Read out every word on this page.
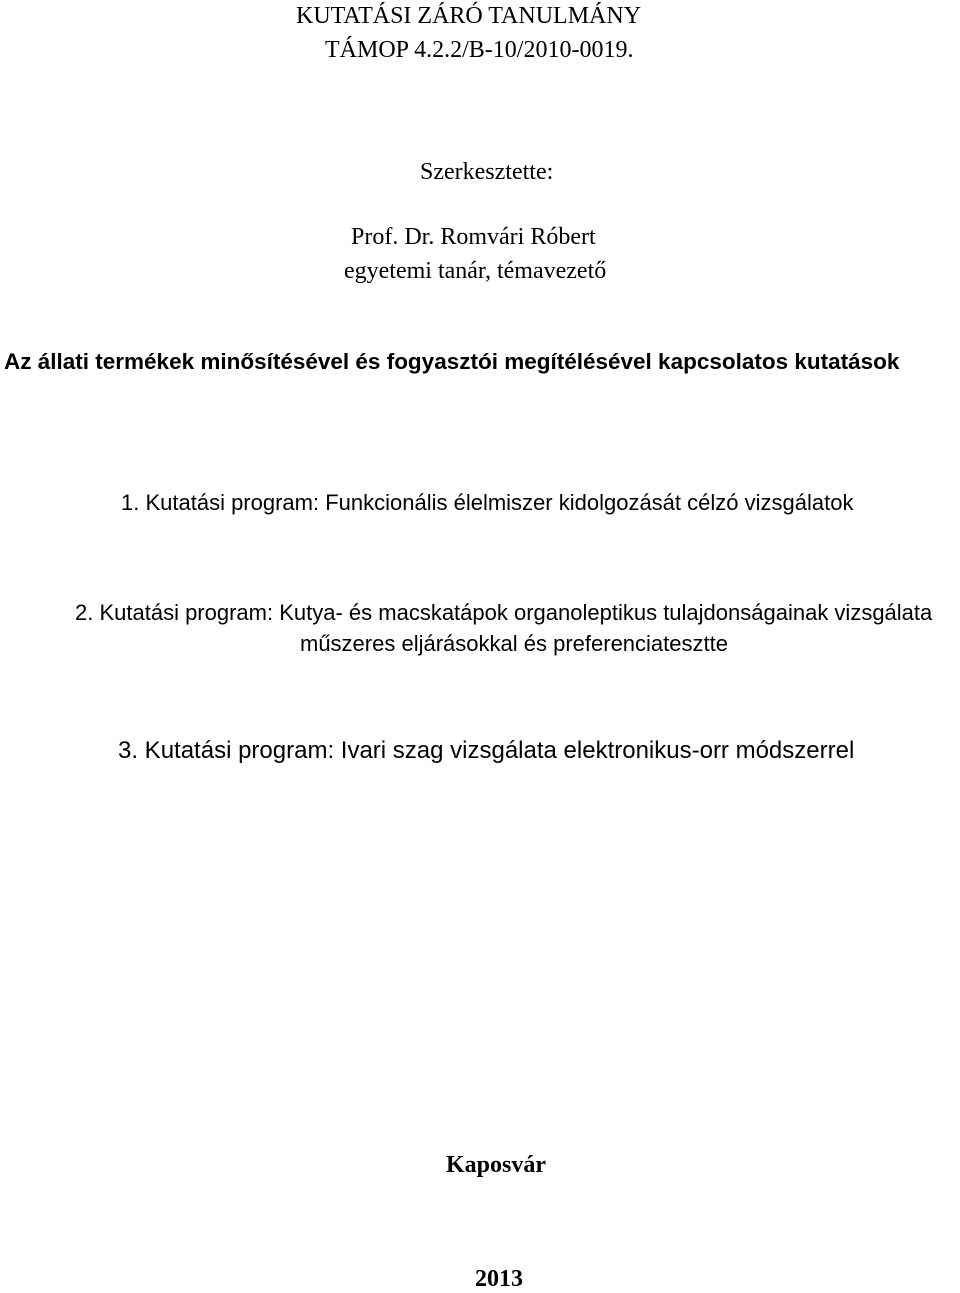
KUTATÁSI ZÁRÓ TANULMÁNY
TÁMOP 4.2.2/B-10/2010-0019.
Szerkesztette:
Prof. Dr. Romvári Róbert
egyetemi tanár, témavezető
Az állati termékek minősítésével és fogyasztói megítélésével kapcsolatos kutatások
1. Kutatási program: Funkcionális élelmiszer kidolgozását célzó vizsgálatok
2. Kutatási program: Kutya- és macskatápok organoleptikus tulajdonságainak vizsgálata
műszeres eljárásokkal és preferenciatesztte
3. Kutatási program: Ivari szag vizsgálata elektronikus-orr módszerrel
Kaposvár
2013
